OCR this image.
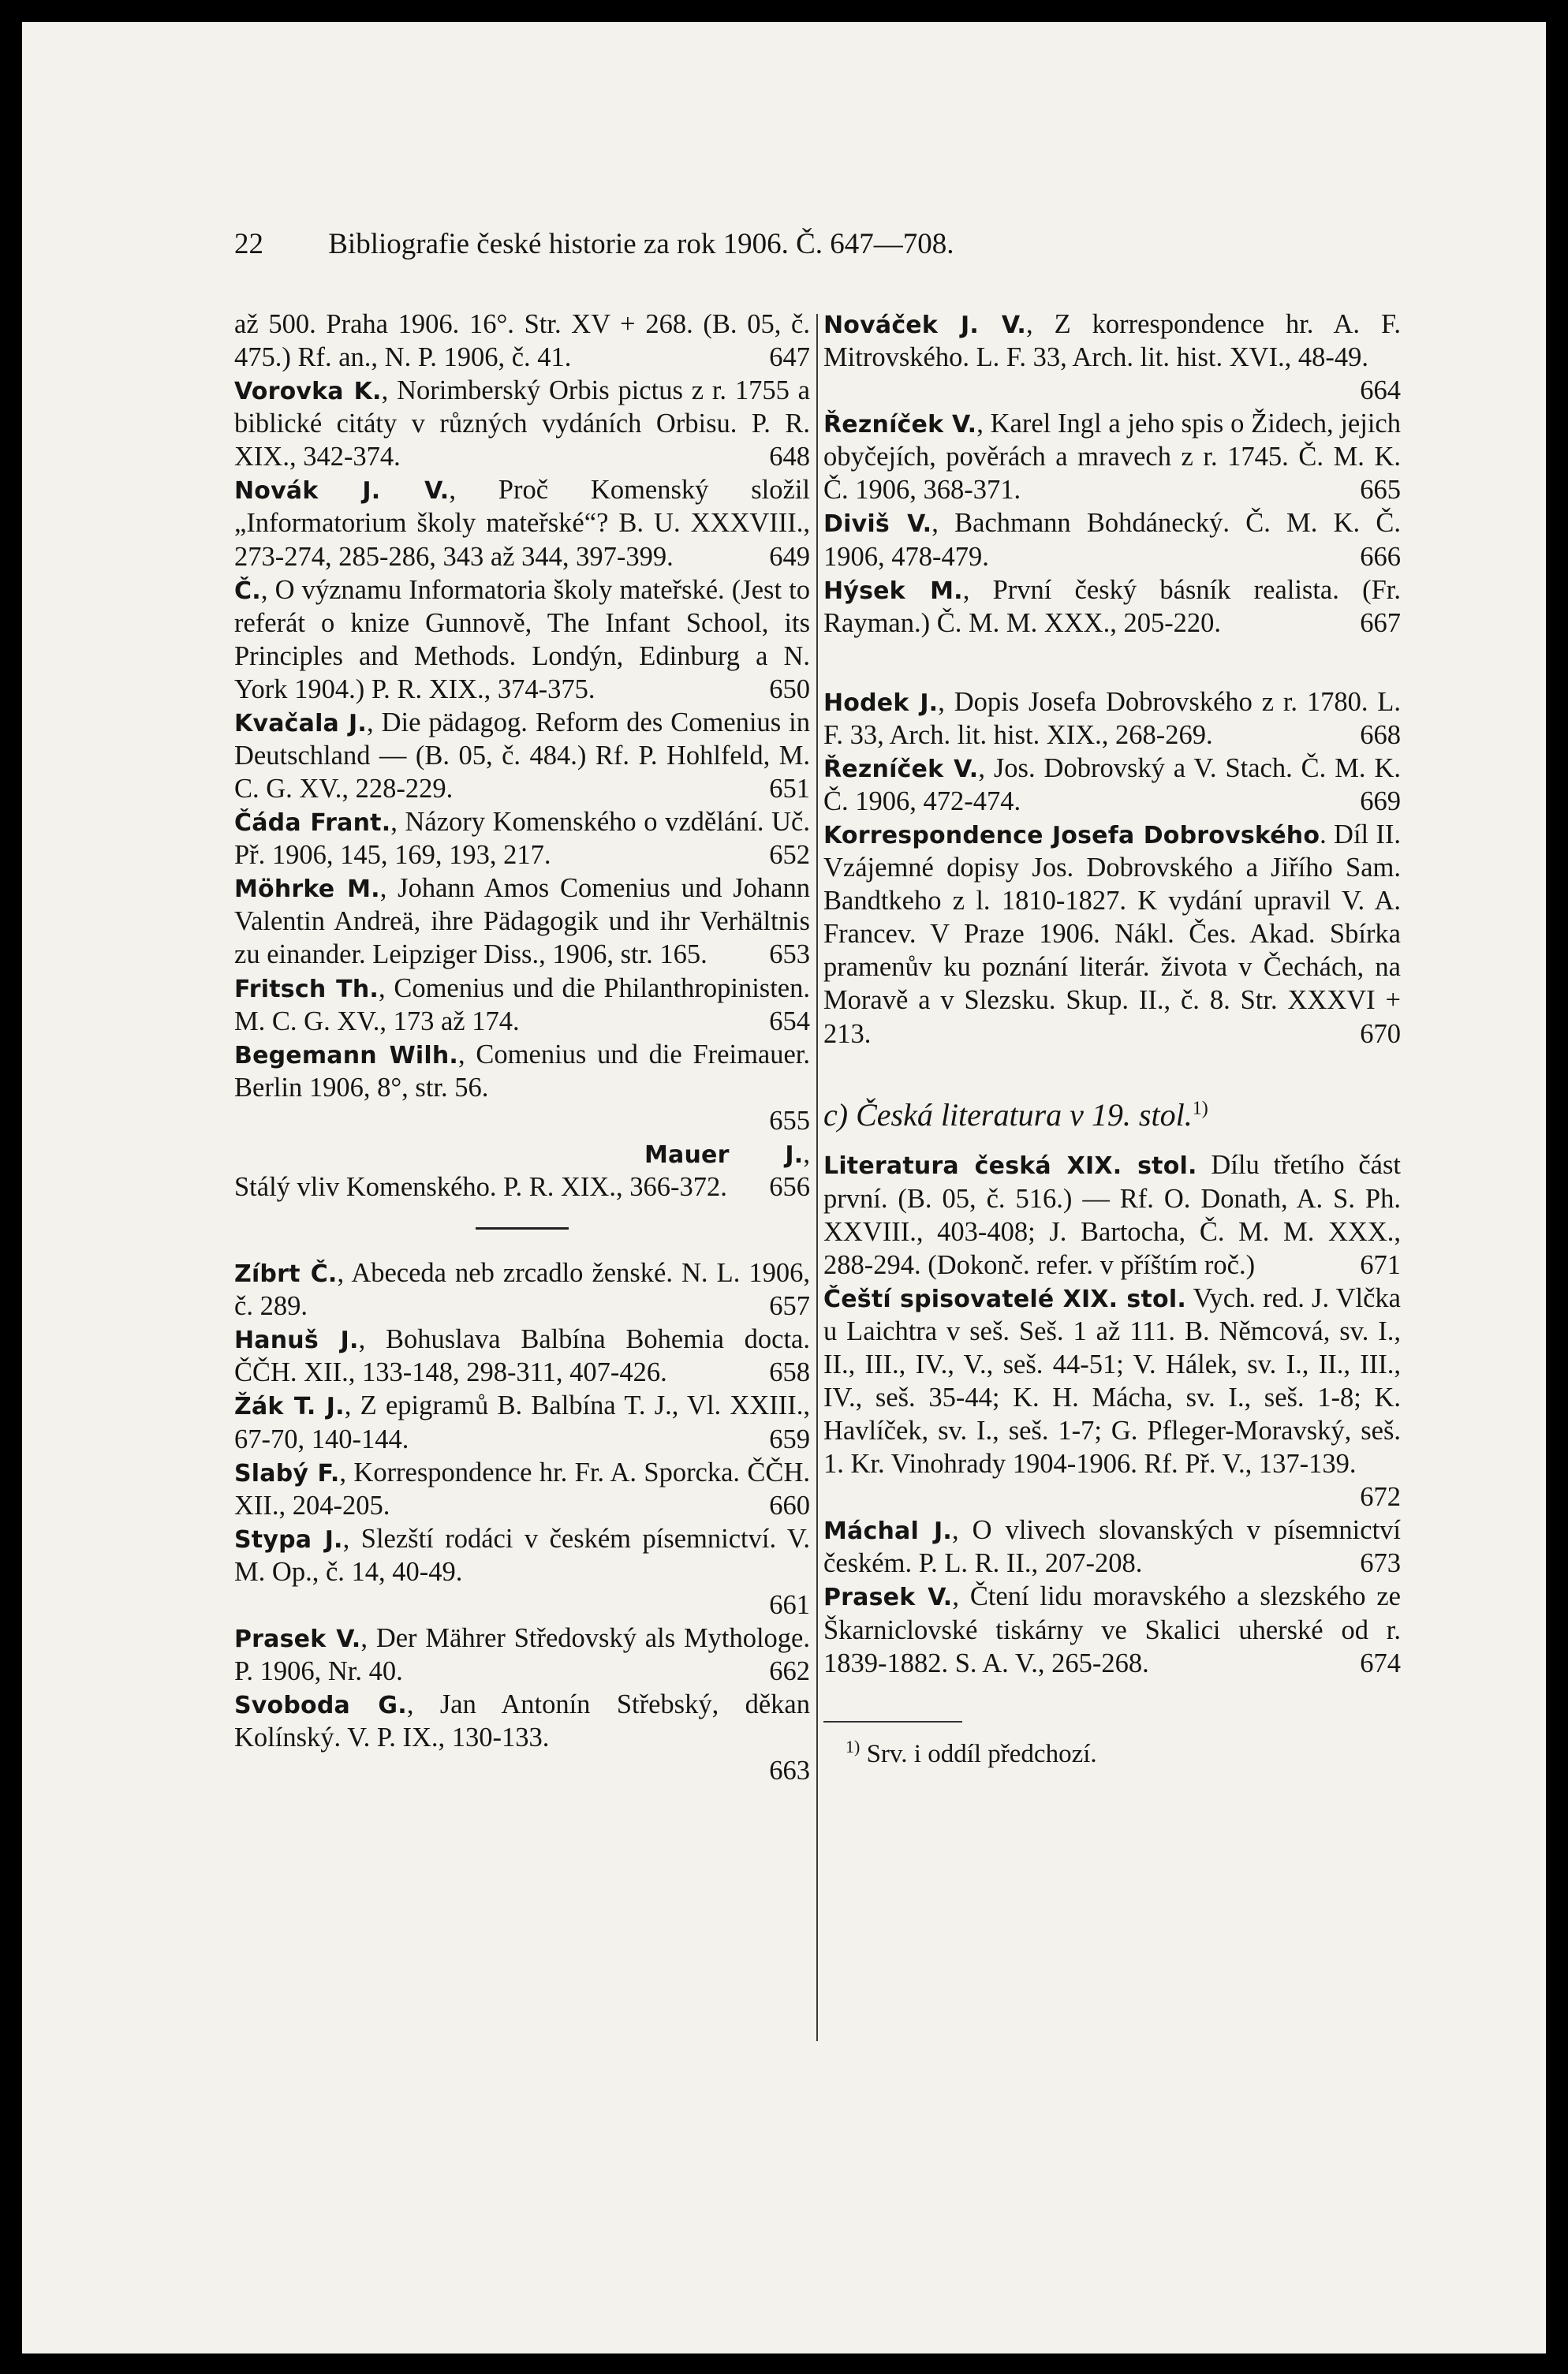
22 Bibliografie české historie za rok 1906. Č. 647—708.

až 500. Praha 1906. 16°. Str. XV + 268. (B. 05, č. 475.) Rf. an., N. P. 1906, č. 41.	647

Vorovka K., Norimberský Orbis pictus z r. 1755 a biblické citáty v různých vydáních Orbisu. P. R. XIX., 342-374.	648

Novák J. V., Proč Komenský složil „Informatorium školy mateřské“? B. U. XXXVIII., 273-274, 285-286, 343 až 344, 397-399.	649

Č., O významu Informatoria školy mateřské. (Jest to referát o knize Gunnově, The Infant School, its Principles and Methods. Londýn, Edinburg a N. York 1904.) P. R. XIX., 374-375.	650

Kvačala J., Die pädagog. Reform des Comenius in Deutschland — (B. 05, č. 484.) Rf. P. Hohlfeld, M. C. G. XV., 228-229.	651

Čáda Frant., Názory Komenského o vzdělání. Uč. Př. 1906, 145, 169, 193, 217.	652

Möhrke M., Johann Amos Comenius und Johann Valentin Andreä, ihre Pädagogik und ihr Verhältnis zu einander. Leipziger Diss., 1906, str. 165. 653

Fritsch Th., Comenius und die Philanthropinisten. M. C. G. XV., 173 až 174.	654

Begemann Wilh., Comenius und die Freimauer. Berlin 1906, 8°, str. 56.
655

Mauer J., Stálý vliv Komenského. P. R. XIX., 366-372. 656

Zíbrt Č., Abeceda neb zrcadlo ženské. N. L. 1906, č. 289.	657

Hanuš J., Bohuslava Balbína Bohemia docta. ČČH. XII., 133-148, 298-311, 407-426.	658

Žák T. J., Z epigramů B. Balbína T. J., Vl. XXIII., 67-70, 140-144.	659

Slabý F., Korrespondence hr. Fr. A. Sporcka. ČČH. XII., 204-205.	660

Stypa J., Slezští rodáci v českém písemnictví. V. M. Op., č. 14, 40-49.
661

Prasek V., Der Mährer Středovský als Mythologe. P. 1906, Nr. 40.	662

Svoboda G., Jan Antonín Střebský, děkan Kolínský. V. P. IX., 130-133.
663

Nováček J. V., Z korrespondence hr. A. F. Mitrovského. L. F. 33, Arch. lit. hist. XVI., 48-49.
664

Řezníček V., Karel Ingl a jeho spis o Židech, jejich obyčejích, pověrách a mravech z r. 1745. Č. M. K. Č. 1906, 368-371.	665

Diviš V., Bachmann Bohdánecký. Č. M. K. Č. 1906, 478-479.	666

Hýsek M., První český básník realista. (Fr. Rayman.) Č. M. M. XXX., 205-220.	667

Hodek J., Dopis Josefa Dobrovského z r. 1780. L. F. 33, Arch. lit. hist. XIX., 268-269.	668

Řezníček V., Jos. Dobrovský a V. Stach. Č. M. K. Č. 1906, 472-474.	669

Korrespondence Josefa Dobrovského. Díl II. Vzájemné dopisy Jos. Dobrovského a Jiřího Sam. Bandtkeho z l. 1810-1827. K vydání upravil V. A. Francev. V Praze 1906. Nákl. Čes. Akad. Sbírka pramenův ku poznání literár. života v Čechách, na Moravě a v Slezsku. Skup. II., č. 8. Str. XXXVI + 213.	670

c) Česká literatura v 19. stol.$^{1)}$

Literatura česká XIX. stol. Dílu třetího část první. (B. 05, č. 516.) — Rf. O. Donath, A. S. Ph. XXVIII., 403-408; J. Bartocha, Č. M. M. XXX., 288-294. (Dokonč. refer. v příštím roč.)	671

Čeští spisovatelé XIX. stol. Vych. red. J. Vlčka u Laichtra v seš. Seš. 1 až 111. B. Němcová, sv. I., II., III., IV., V., seš. 44-51; V. Hálek, sv. I., II., III., IV., seš. 35-44; K. H. Mácha, sv. I., seš. 1-8; K. Havlíček, sv. I., seš. 1-7; G. Pfleger-Moravský, seš. 1. Kr. Vinohrady 1904-1906. Rf. Př. V., 137-139.
672

Máchal J., O vlivech slovanských v písemnictví českém. P. L. R. II., 207-208.	673

Prasek V., Čtení lidu moravského a slezského ze Škarniclovské tiskárny ve Skalici uherské od r. 1839-1882. S. A. V., 265-268.	674

$^{1)}$ Srv. i oddíl předchozí.
